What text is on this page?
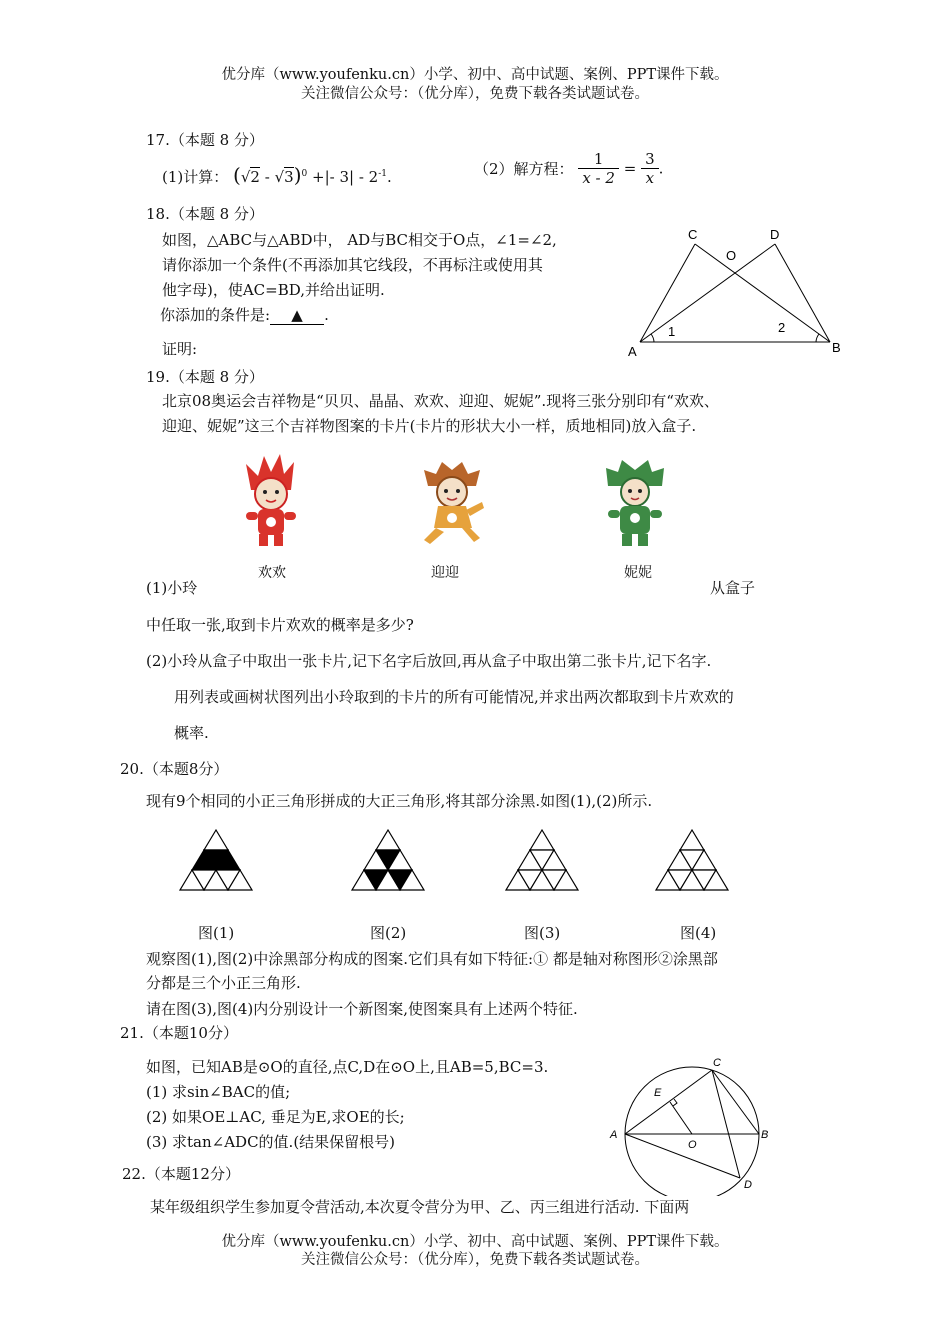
优分库（www.youfenku.cn）小学、初中、高中试题、案例、PPT课件下载。
关注微信公众号：（优分库），免费下载各类试题试卷。
17.（本题 8 分）
(1)计算： (√2 - √3)$^0$ +|- $3| - 2^{-1}$.	（2）解方程： $\frac{1}{x - 2} = \frac{3}{x}$ .
18.（本题 8 分）
如图，△ABC与△ABD中， AD与BC相交于O点，∠1=∠2,
请你添加一个条件(不再添加其它线段，不再标注或使用其
他字母)，使AC=BD,并给出证明.
你添加的条件是: ▲ .
证明:
C	D
O
A	B
1	2
19.（本题 8 分）
北京08奥运会吉祥物是“贝贝、晶晶、欢欢、迎迎、妮妮”.现将三张分别印有“欢欢、
迎迎、妮妮”这三个吉祥物图案的卡片(卡片的形状大小一样，质地相同)放入盒子.
欢欢	迎迎	妮妮
(1)小玲	从盒子
中任取一张,取到卡片欢欢的概率是多少?
(2)小玲从盒子中取出一张卡片,记下名字后放回,再从盒子中取出第二张卡片,记下名字.
用列表或画树状图列出小玲取到的卡片的所有可能情况,并求出两次都取到卡片欢欢的
概率.
20.（本题8分）
现有9个相同的小正三角形拼成的大正三角形,将其部分涂黑.如图(1),(2)所示.
图(1)	图(2)	图(3)	图(4)
观察图(1),图(2)中涂黑部分构成的图案.它们具有如下特征:① 都是轴对称图形②涂黑部
分都是三个小正三角形.
请在图(3),图(4)内分别设计一个新图案,使图案具有上述两个特征.
21.（本题10分）
如图，已知AB是⊙O的直径,点C,D在⊙O上,且AB=5,BC=3.
(1) 求sin∠BAC的值;
(2) 如果OE⊥AC, 垂足为E,求OE的长;
(3) 求tan∠ADC的值.(结果保留根号)
C
E
A
O
B
D
22.（本题12分）
某年级组织学生参加夏令营活动,本次夏令营分为甲、乙、丙三组进行活动. 下面两
优分库（www.youfenku.cn）小学、初中、高中试题、案例、PPT课件下载。
关注微信公众号：（优分库），免费下载各类试题试卷。
